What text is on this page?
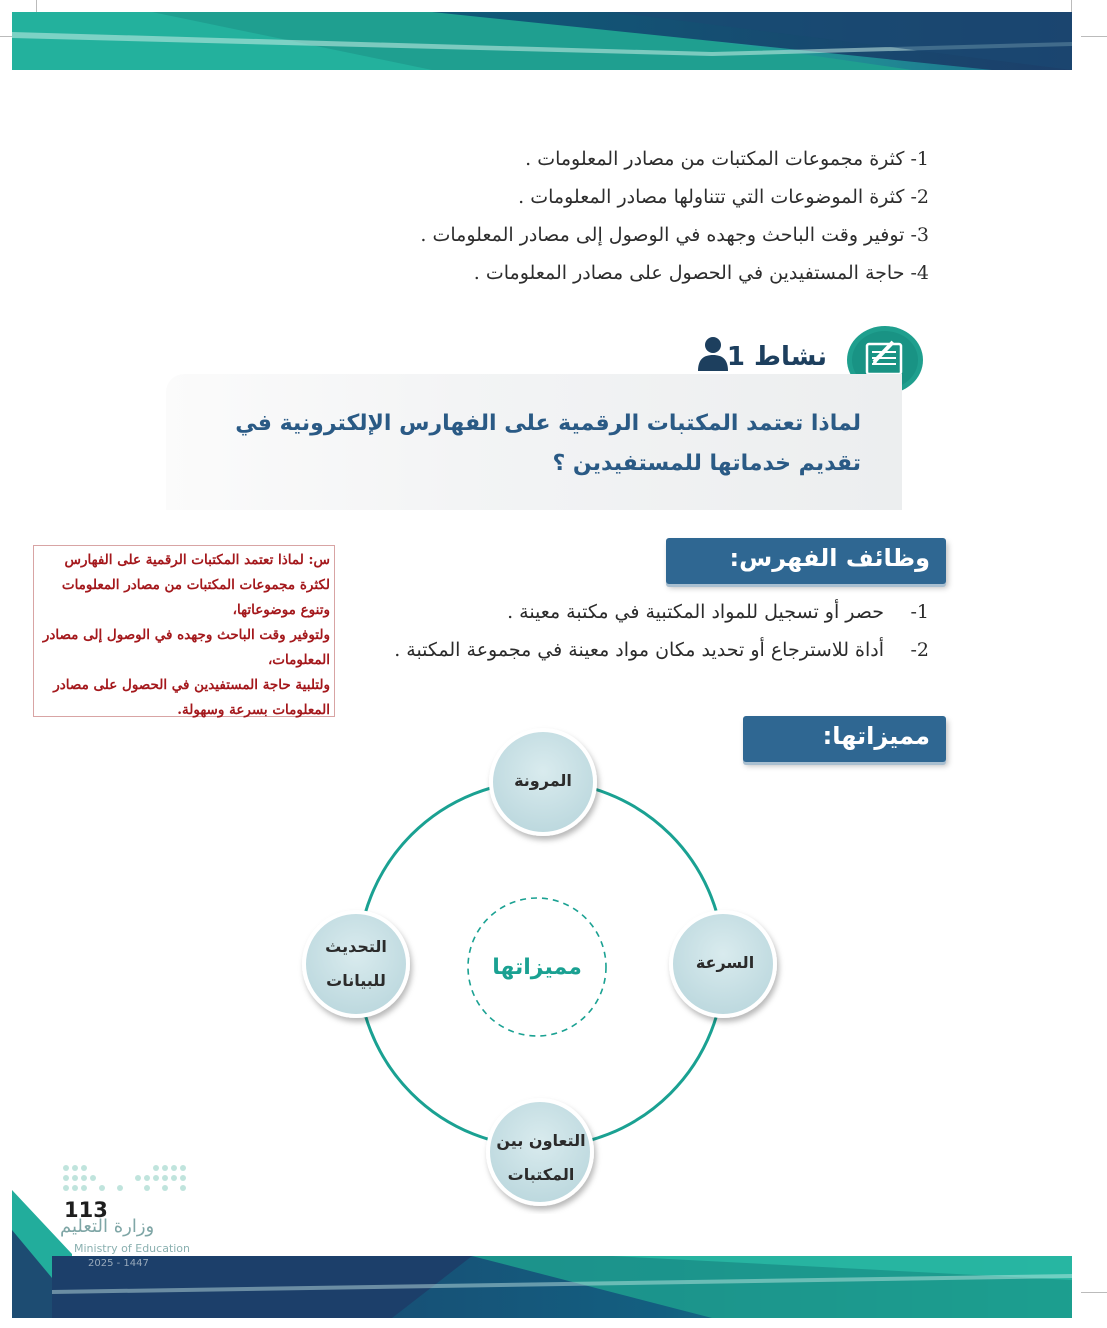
1- كثرة مجموعات المكتبات من مصادر المعلومات .
2- كثرة الموضوعات التي تتناولها مصادر المعلومات .
3- توفير وقت الباحث وجهده في الوصول إلى مصادر المعلومات .
4- حاجة المستفيدين في الحصول على مصادر المعلومات .
نشاط 1
لماذا تعتمد المكتبات الرقمية على الفهارس الإلكترونية في تقديم خدماتها للمستفيدين ؟
س: لماذا تعتمد المكتبات الرقمية على الفهارس
لكثرة مجموعات المكتبات من مصادر المعلومات
وتنوع موضوعاتها،
ولتوفير وقت الباحث وجهده في الوصول إلى مصادر
المعلومات،
ولتلبية حاجة المستفيدين في الحصول على مصادر
المعلومات بسرعة وسهولة.
وظائف الفهرس:
1-
حصر أو تسجيل للمواد المكتبية في مكتبة معينة .
2-
أداة للاسترجاع أو تحديد مكان مواد معينة في مجموعة المكتبة .
مميزاتها:
مميزاتها
المرونة
السرعة
التعاون بين
المكتبات
التحديث
للبيانات
113
وزارة التعليم
Ministry of Education
2025 - 1447
